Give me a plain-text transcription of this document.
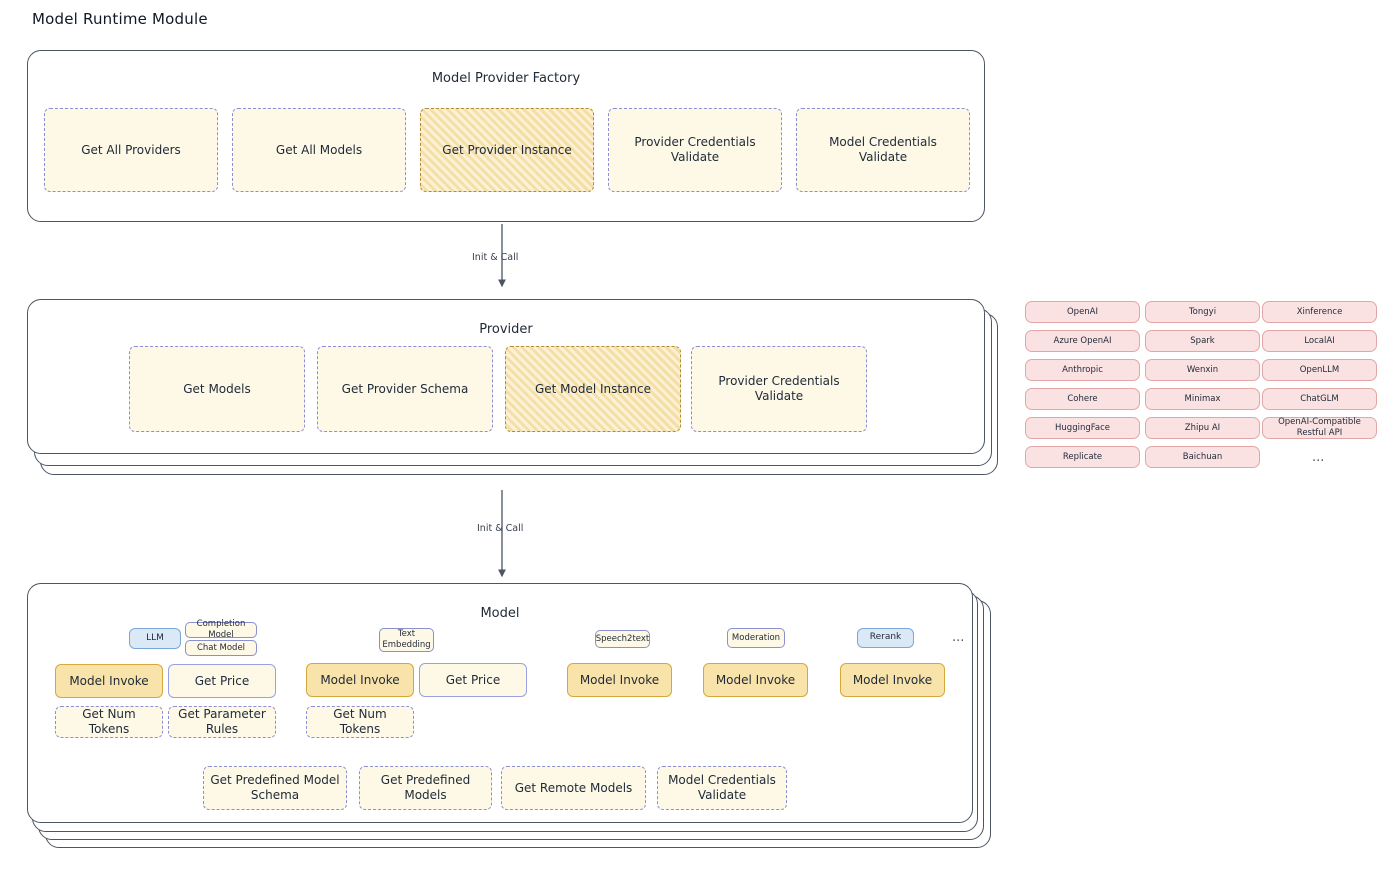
Model Runtime Module
Model Provider Factory
Get All Providers	Get All Models	Get Provider Instance
Provider Credentials Validate
Model Credentials Validate
Init & Call
Provider
Get Models	Get Provider Schema	Get Model Instance
Provider Credentials Validate
OpenAI
Azure OpenAI
Anthropic
Cohere
HuggingFace
Replicate
Tongyi
Spark
Wenxin
Minimax
Zhipu AI
Baichuan
Xinference
LocalAI
OpenLLM
ChatGLM
OpenAI-Compatible Restful API
...
Init & Call
Model
LLM
Completion Model
Chat Model
Text Embedding
Speech2text	Moderation	Rerank	...
Model Invoke	Get Price
Get Num Tokens
Get Parameter Rules
Model Invoke	Get Price
Get Num Tokens
Model Invoke	Model Invoke	Model Invoke
Get Predefined Model Schema
Get Predefined Models
Get Remote Models
Model Credentials Validate
